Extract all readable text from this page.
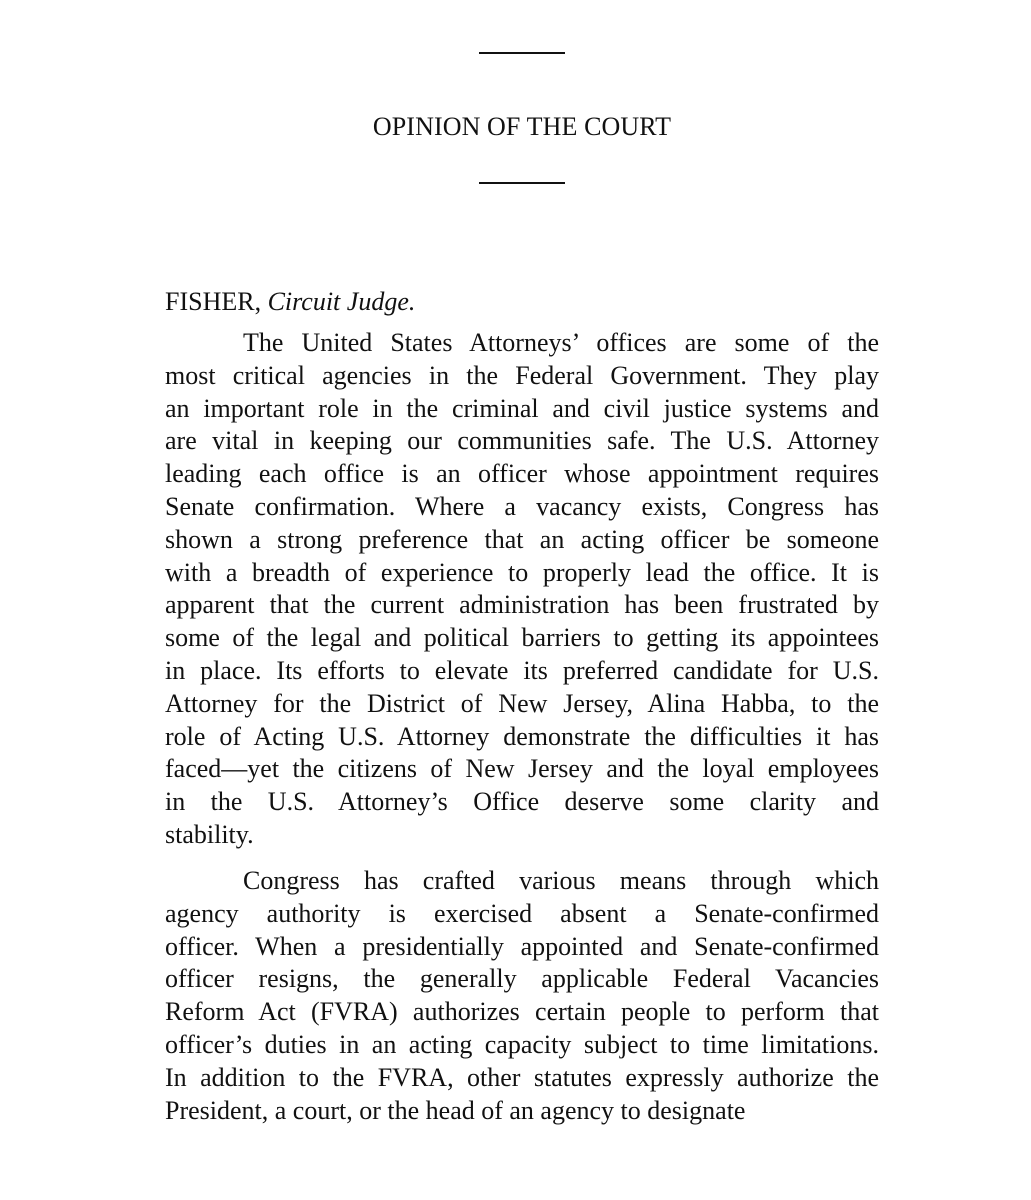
OPINION OF THE COURT
FISHER, Circuit Judge.
The United States Attorneys’ offices are some of the
most critical agencies in the Federal Government. They play
an important role in the criminal and civil justice systems and
are vital in keeping our communities safe. The U.S. Attorney
leading each office is an officer whose appointment requires
Senate confirmation. Where a vacancy exists, Congress has
shown a strong preference that an acting officer be someone
with a breadth of experience to properly lead the office. It is
apparent that the current administration has been frustrated by
some of the legal and political barriers to getting its appointees
in place. Its efforts to elevate its preferred candidate for U.S.
Attorney for the District of New Jersey, Alina Habba, to the
role of Acting U.S. Attorney demonstrate the difficulties it has
faced—yet the citizens of New Jersey and the loyal employees
in the U.S. Attorney’s Office deserve some clarity and
stability.
Congress has crafted various means through which
agency authority is exercised absent a Senate-confirmed
officer. When a presidentially appointed and Senate-confirmed
officer resigns, the generally applicable Federal Vacancies
Reform Act (FVRA) authorizes certain people to perform that
officer’s duties in an acting capacity subject to time limitations.
In addition to the FVRA, other statutes expressly authorize the
President, a court, or the head of an agency to designate
